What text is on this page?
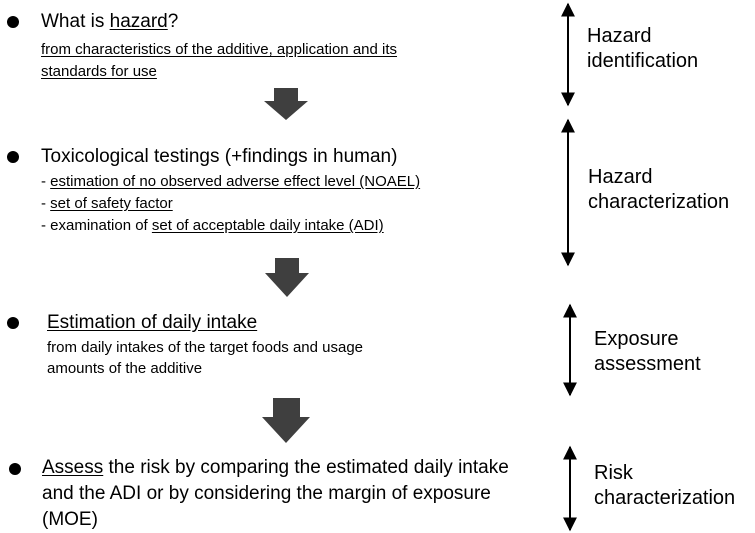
What is hazard?
from characteristics of the additive, application and its
standards for use
Toxicological testings (+findings in human)
- estimation of no observed adverse effect level (NOAEL)
- set of safety factor
- examination of set of acceptable daily intake (ADI)
Estimation of daily intake
from daily intakes of the target foods and usage
amounts of the additive
Assess the risk by comparing the estimated daily intake
and the ADI or by considering the margin of exposure
(MOE)
Hazard
identification
Hazard
characterization
Exposure
assessment
Risk
characterization
